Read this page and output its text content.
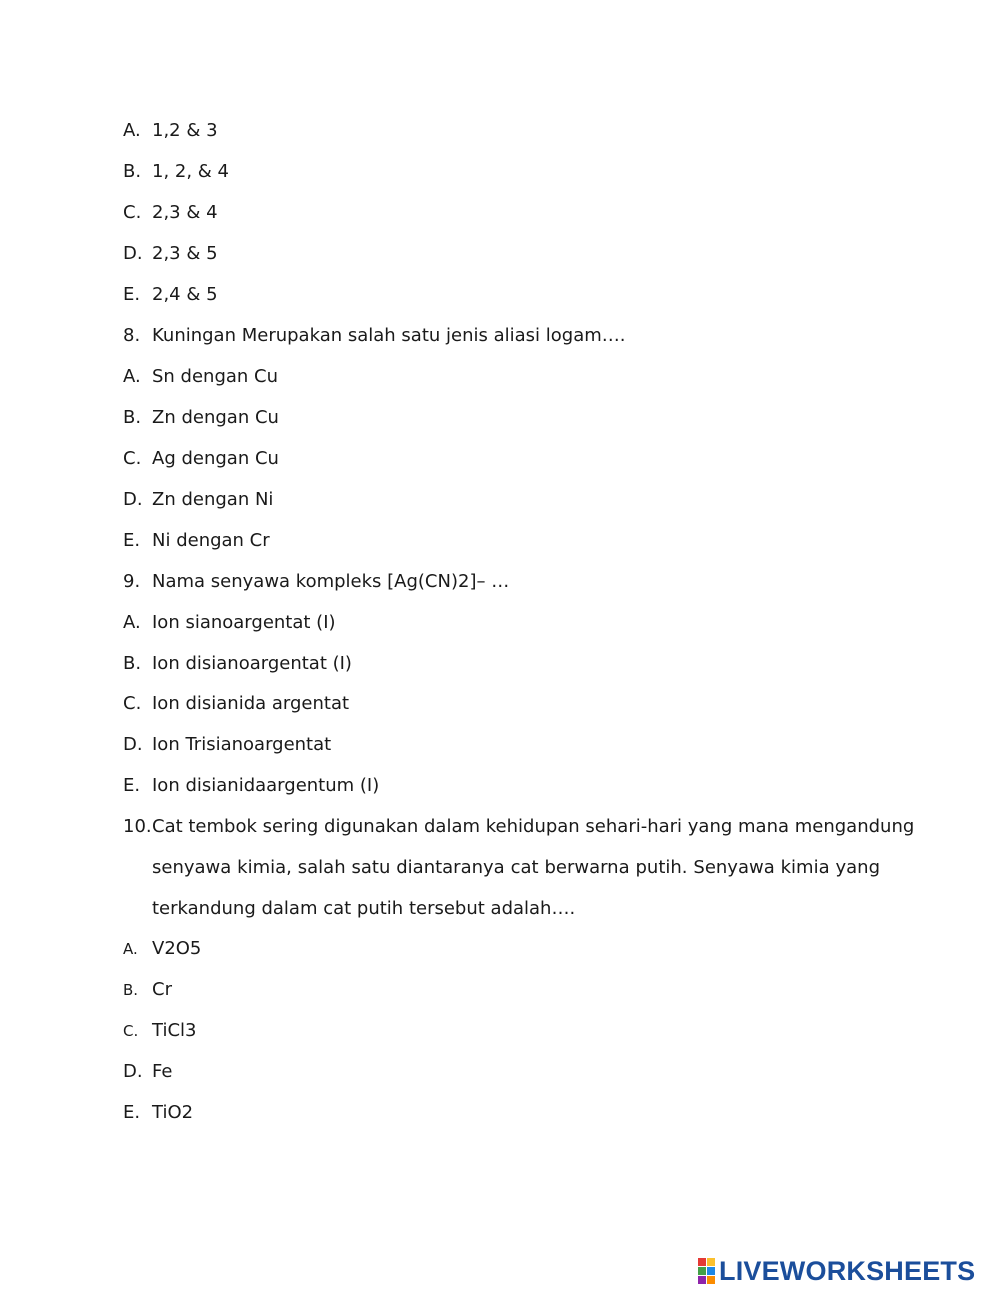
A. 1,2 & 3
B. 1, 2, & 4
C. 2,3 & 4
D. 2,3 & 5
E. 2,4 & 5
8. Kuningan Merupakan salah satu jenis aliasi logam….
A. Sn dengan Cu
B. Zn dengan Cu
C. Ag dengan Cu
D. Zn dengan Ni
E. Ni dengan Cr
9. Nama senyawa kompleks [Ag(CN)2]– …
A. Ion sianoargentat (I)
B. Ion disianoargentat (I)
C. Ion disianida argentat
D. Ion Trisianoargentat
E. Ion disianidaargentum (I)
10. Cat tembok sering digunakan dalam kehidupan sehari-hari yang mana mengandung
senyawa kimia, salah satu diantaranya cat berwarna putih. Senyawa kimia yang
terkandung dalam cat putih tersebut adalah….
A. V2O5
B. Cr
C. TiCl3
D. Fe
E. TiO2
LIVEWORKSHEETS
